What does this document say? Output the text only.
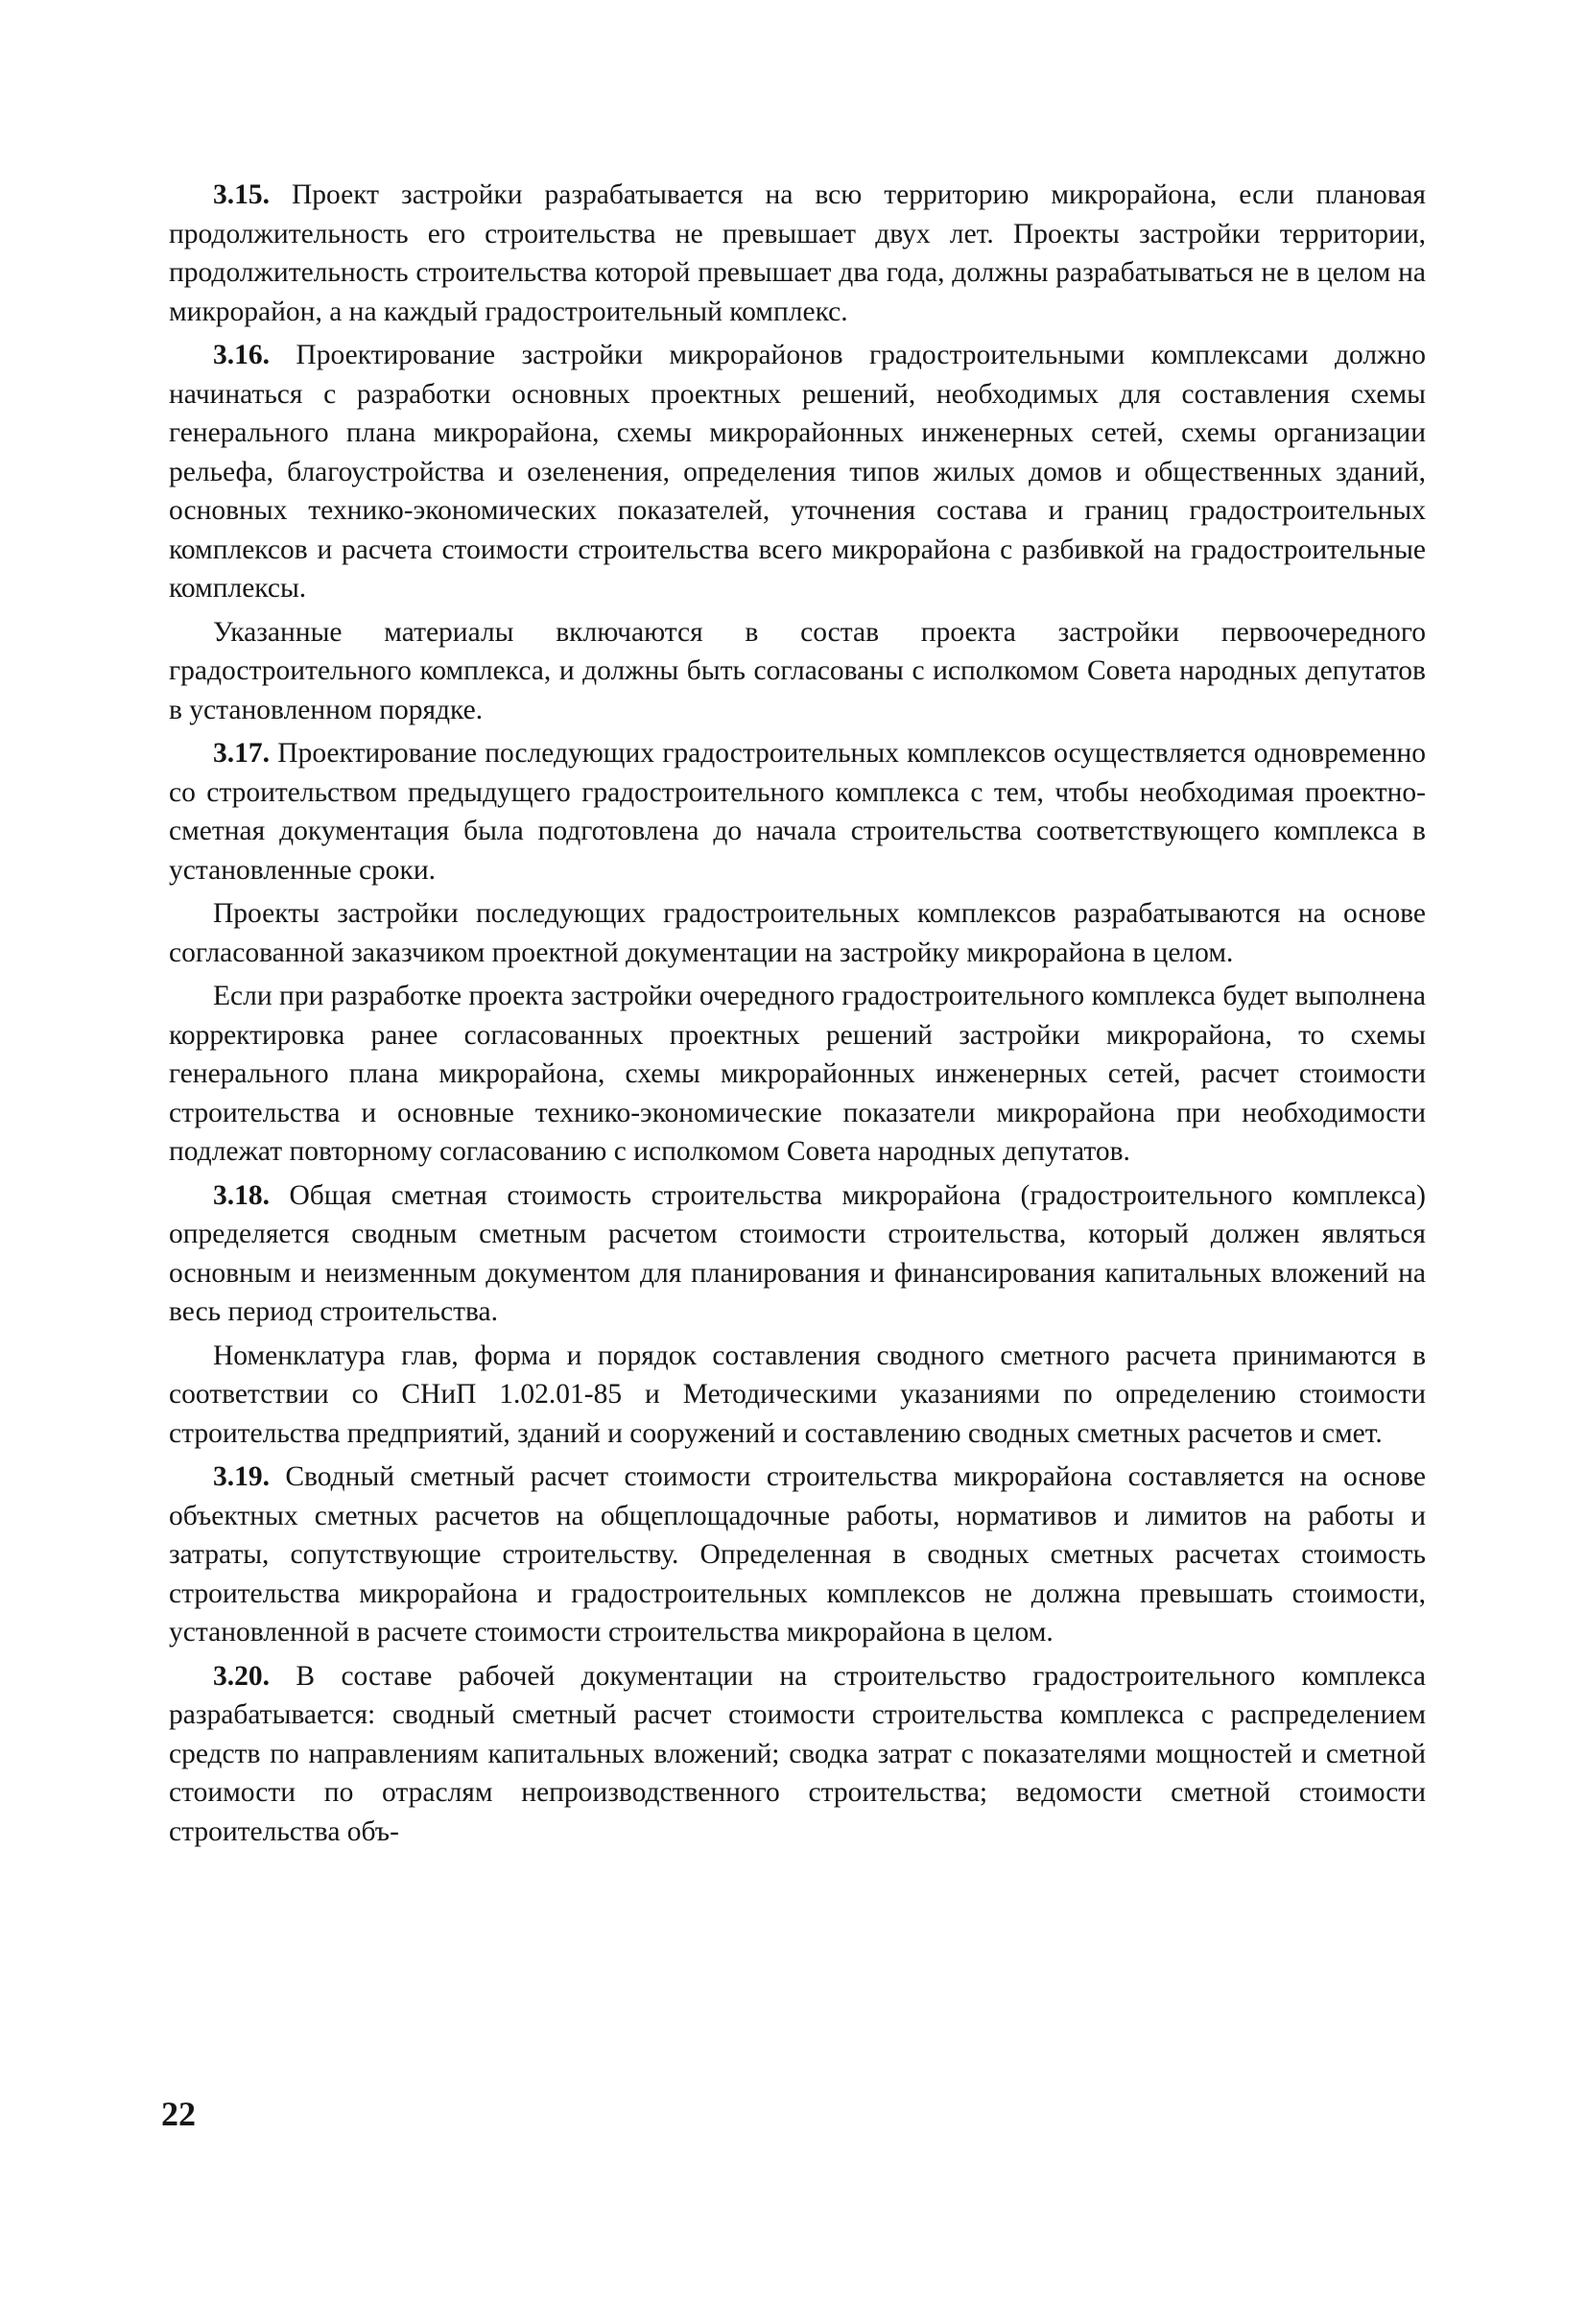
3.15. Проект застройки разрабатывается на всю территорию микрорайона, если плановая продолжительность его строительства не превышает двух лет. Проекты застройки территории, продолжительность строительства которой превышает два года, должны разрабатываться не в целом на микрорайон, а на каждый градостроительный комплекс.

3.16. Проектирование застройки микрорайонов градостроительными комплексами должно начинаться с разработки основных проектных решений, необходимых для составления схемы генерального плана микрорайона, схемы микрорайонных инженерных сетей, схемы организации рельефа, благоустройства и озеленения, определения типов жилых домов и общественных зданий, основных технико-экономических показателей, уточнения состава и границ градостроительных комплексов и расчета стоимости строительства всего микрорайона с разбивкой на градостроительные комплексы.

Указанные материалы включаются в состав проекта застройки первоочередного градостроительного комплекса, и должны быть согласованы с исполкомом Совета народных депутатов в установленном порядке.

3.17. Проектирование последующих градостроительных комплексов осуществляется одновременно со строительством предыдущего градостроительного комплекса с тем, чтобы необходимая проектно-сметная документация была подготовлена до начала строительства соответствующего комплекса в установленные сроки.

Проекты застройки последующих градостроительных комплексов разрабатываются на основе согласованной заказчиком проектной документации на застройку микрорайона в целом.

Если при разработке проекта застройки очередного градостроительного комплекса будет выполнена корректировка ранее согласованных проектных решений застройки микрорайона, то схемы генерального плана микрорайона, схемы микрорайонных инженерных сетей, расчет стоимости строительства и основные технико-экономические показатели микрорайона при необходимости подлежат повторному согласованию с исполкомом Совета народных депутатов.

3.18. Общая сметная стоимость строительства микрорайона (градостроительного комплекса) определяется сводным сметным расчетом стоимости строительства, который должен являться основным и неизменным документом для планирования и финансирования капитальных вложений на весь период строительства.

Номенклатура глав, форма и порядок составления сводного сметного расчета принимаются в соответствии со СНиП 1.02.01-85 и Методическими указаниями по определению стоимости строительства предприятий, зданий и сооружений и составлению сводных сметных расчетов и смет.

3.19. Сводный сметный расчет стоимости строительства микрорайона составляется на основе объектных сметных расчетов на общеплощадочные работы, нормативов и лимитов на работы и затраты, сопутствующие строительству. Определенная в сводных сметных расчетах стоимость строительства микрорайона и градостроительных комплексов не должна превышать стоимости, установленной в расчете стоимости строительства микрорайона в целом.

3.20. В составе рабочей документации на строительство градостроительного комплекса разрабатывается: сводный сметный расчет стоимости строительства комплекса с распределением средств по направлениям капитальных вложений; сводка затрат с показателями мощностей и сметной стоимости по отраслям непроизводственного строительства; ведомости сметной стоимости строительства объ-

22
